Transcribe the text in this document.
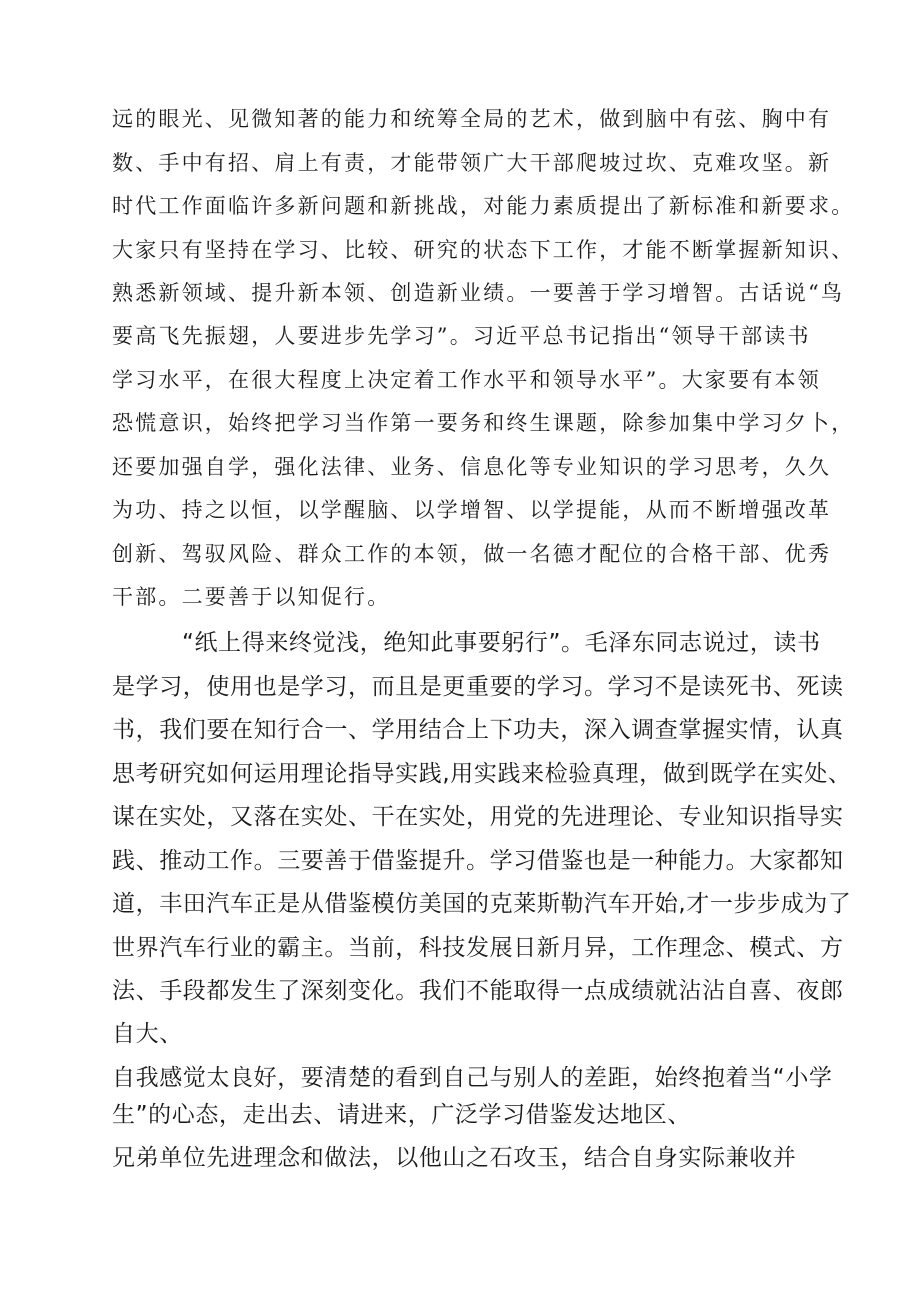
远的眼光、见微知著的能力和统筹全局的艺术，做到脑中有弦、胸中有
数、手中有招、肩上有责，才能带领广大干部爬坡过坎、克难攻坚。新
时代工作面临许多新问题和新挑战，对能力素质提出了新标准和新要求。
大家只有坚持在学习、比较、研究的状态下工作，才能不断掌握新知识、
熟悉新领域、提升新本领、创造新业绩。一要善于学习增智。古话说“鸟
要高飞先振翅，人要进步先学习”。习近平总书记指出“领导干部读书
学习水平，在很大程度上决定着工作水平和领导水平”。大家要有本领
恐慌意识，始终把学习当作第一要务和终生课题，除参加集中学习夕卜，
还要加强自学，强化法律、业务、信息化等专业知识的学习思考，久久
为功、持之以恒，以学醒脑、以学增智、以学提能，从而不断增强改革
创新、驾驭风险、群众工作的本领，做一名德才配位的合格干部、优秀
干部。二要善于以知促行。
“纸上得来终觉浅，绝知此事要躬行”。毛泽东同志说过，读书
是学习，使用也是学习，而且是更重要的学习。学习不是读死书、死读
书，我们要在知行合一、学用结合上下功夫，深入调查掌握实情，认真
思考研究如何运用理论指导实践,用实践来检验真理，做到既学在实处、
谋在实处，又落在实处、干在实处，用党的先进理论、专业知识指导实
践、推动工作。三要善于借鉴提升。学习借鉴也是一种能力。大家都知
道，丰田汽车正是从借鉴模仿美国的克莱斯勒汽车开始,才一步步成为了
世界汽车行业的霸主。当前，科技发展日新月异，工作理念、模式、方
法、手段都发生了深刻变化。我们不能取得一点成绩就沾沾自喜、夜郎
自大、
自我感觉太良好，要清楚的看到自己与别人的差距，始终抱着当“小学
生”的心态，走出去、请进来，广泛学习借鉴发达地区、
兄弟单位先进理念和做法，以他山之石攻玉，结合自身实际兼收并
